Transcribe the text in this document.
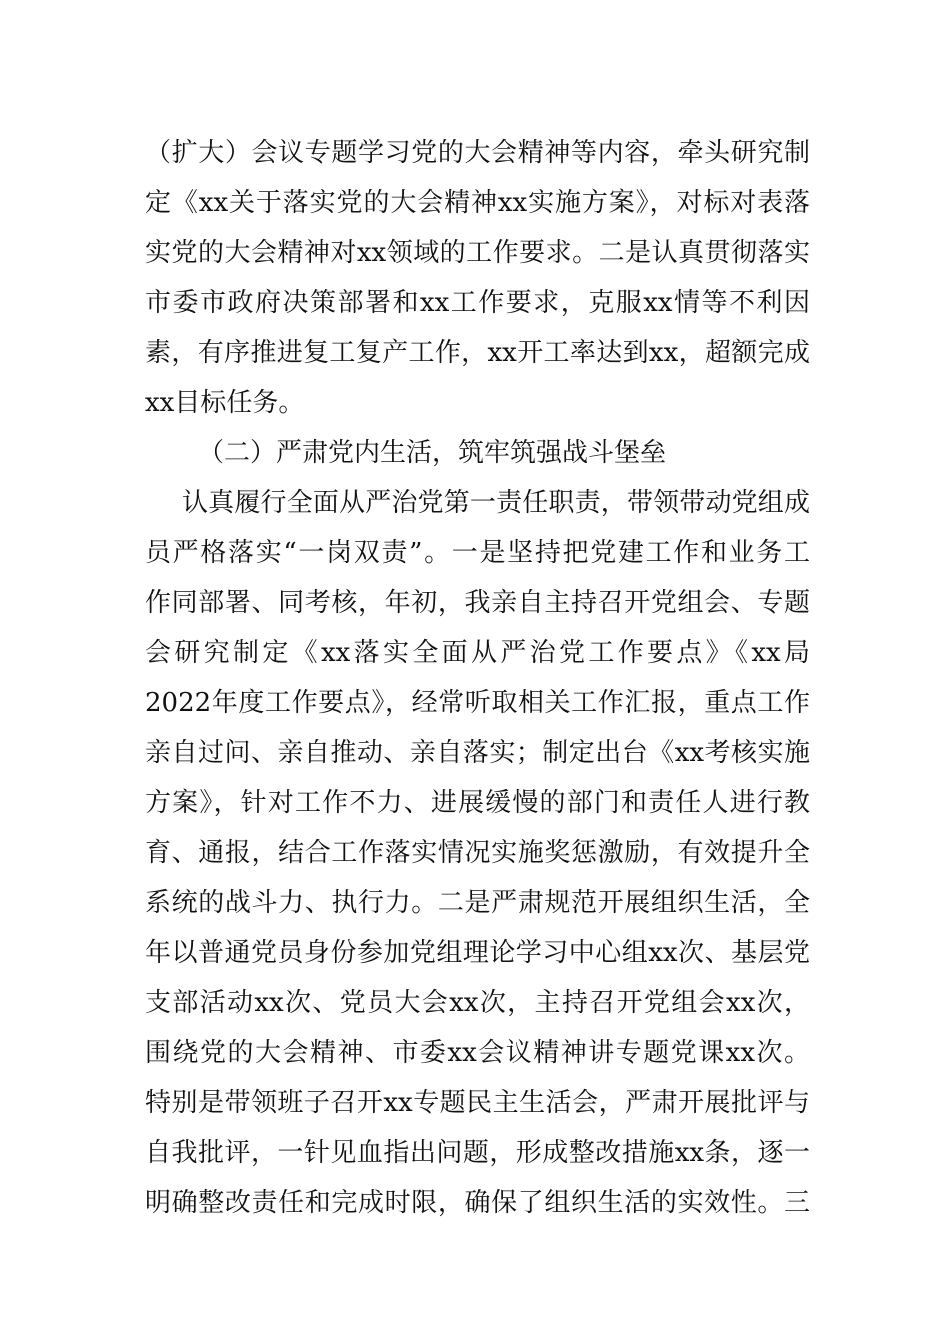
（扩大）会议专题学习党的大会精神等内容，牵头研究制
定《xx关于落实党的大会精神xx实施方案》，对标对表落
实党的大会精神对xx领域的工作要求。二是认真贯彻落实
市委市政府决策部署和xx工作要求，克服xx情等不利因
素，有序推进复工复产工作，xx开工率达到xx，超额完成
xx目标任务。
（二）严肃党内生活，筑牢筑强战斗堡垒
认真履行全面从严治党第一责任职责，带领带动党组成
员严格落实“一岗双责”。一是坚持把党建工作和业务工
作同部署、同考核，年初，我亲自主持召开党组会、专题
会研究制定《xx落实全面从严治党工作要点》《xx局
2022年度工作要点》，经常听取相关工作汇报，重点工作
亲自过问、亲自推动、亲自落实；制定出台《xx考核实施
方案》，针对工作不力、进展缓慢的部门和责任人进行教
育、通报，结合工作落实情况实施奖惩激励，有效提升全
系统的战斗力、执行力。二是严肃规范开展组织生活，全
年以普通党员身份参加党组理论学习中心组xx次、基层党
支部活动xx次、党员大会xx次，主持召开党组会xx次，
围绕党的大会精神、市委xx会议精神讲专题党课xx次。
特别是带领班子召开xx专题民主生活会，严肃开展批评与
自我批评，一针见血指出问题，形成整改措施xx条，逐一
明确整改责任和完成时限，确保了组织生活的实效性。三
